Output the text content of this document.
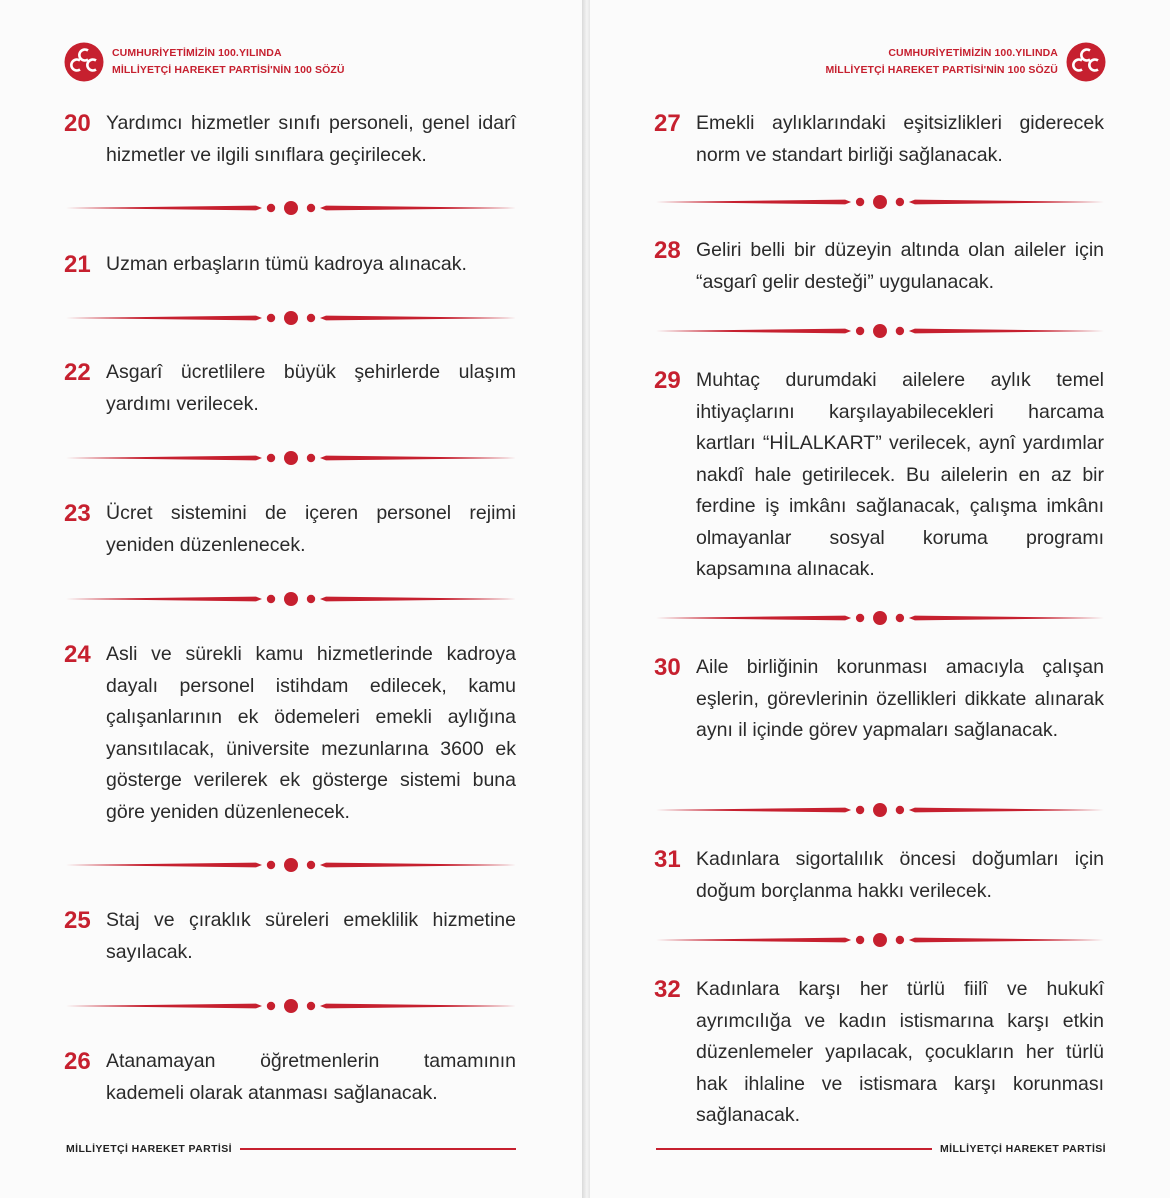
CUMHURİYETİMİZİN 100.YILINDA
MİLLİYETÇİ HAREKET PARTİSİ'NİN 100 SÖZÜ
20 Yardımcı hizmetler sınıfı personeli, genel idarî hizmetler ve ilgili sınıflara geçirilecek.
21 Uzman erbaşların tümü kadroya alınacak.
22 Asgarî ücretlilere büyük şehirlerde ulaşım yardımı verilecek.
23 Ücret sistemini de içeren personel rejimi yeniden düzenlenecek.
24 Asli ve sürekli kamu hizmetlerinde kadroya dayalı personel istihdam edilecek, kamu çalışanlarının ek ödemeleri emekli aylığına yansıtılacak, üniversite mezunlarına 3600 ek gösterge verilerek ek gösterge sistemi buna göre yeniden düzenlenecek.
25 Staj ve çıraklık süreleri emeklilik hizmetine sayılacak.
26 Atanamayan öğretmenlerin tamamının kademeli olarak atanması sağlanacak.
MİLLİYETÇİ HAREKET PARTİSİ
CUMHURİYETİMİZİN 100.YILINDA
MİLLİYETÇİ HAREKET PARTİSİ'NİN 100 SÖZÜ
27 Emekli aylıklarındaki eşitsizlikleri giderecek norm ve standart birliği sağlanacak.
28 Geliri belli bir düzeyin altında olan aileler için “asgarî gelir desteği” uygulanacak.
29 Muhtaç durumdaki ailelere aylık temel ihtiyaçlarını karşılayabilecekleri harcama kartları “HİLALKART” verilecek, aynî yardımlar nakdî hale getirilecek. Bu ailelerin en az bir ferdine iş imkânı sağlanacak, çalışma imkânı olmayanlar sosyal koruma programı kapsamına alınacak.
30 Aile birliğinin korunması amacıyla çalışan eşlerin, görevlerinin özellikleri dikkate alınarak aynı il içinde görev yapmaları sağlanacak.
31 Kadınlara sigortalılık öncesi doğumları için doğum borçlanma hakkı verilecek.
32 Kadınlara karşı her türlü fiilî ve hukukî ayrımcılığa ve kadın istismarına karşı etkin düzenlemeler yapılacak, çocukların her türlü hak ihlaline ve istismara karşı korunması sağlanacak.
MİLLİYETÇİ HAREKET PARTİSİ
